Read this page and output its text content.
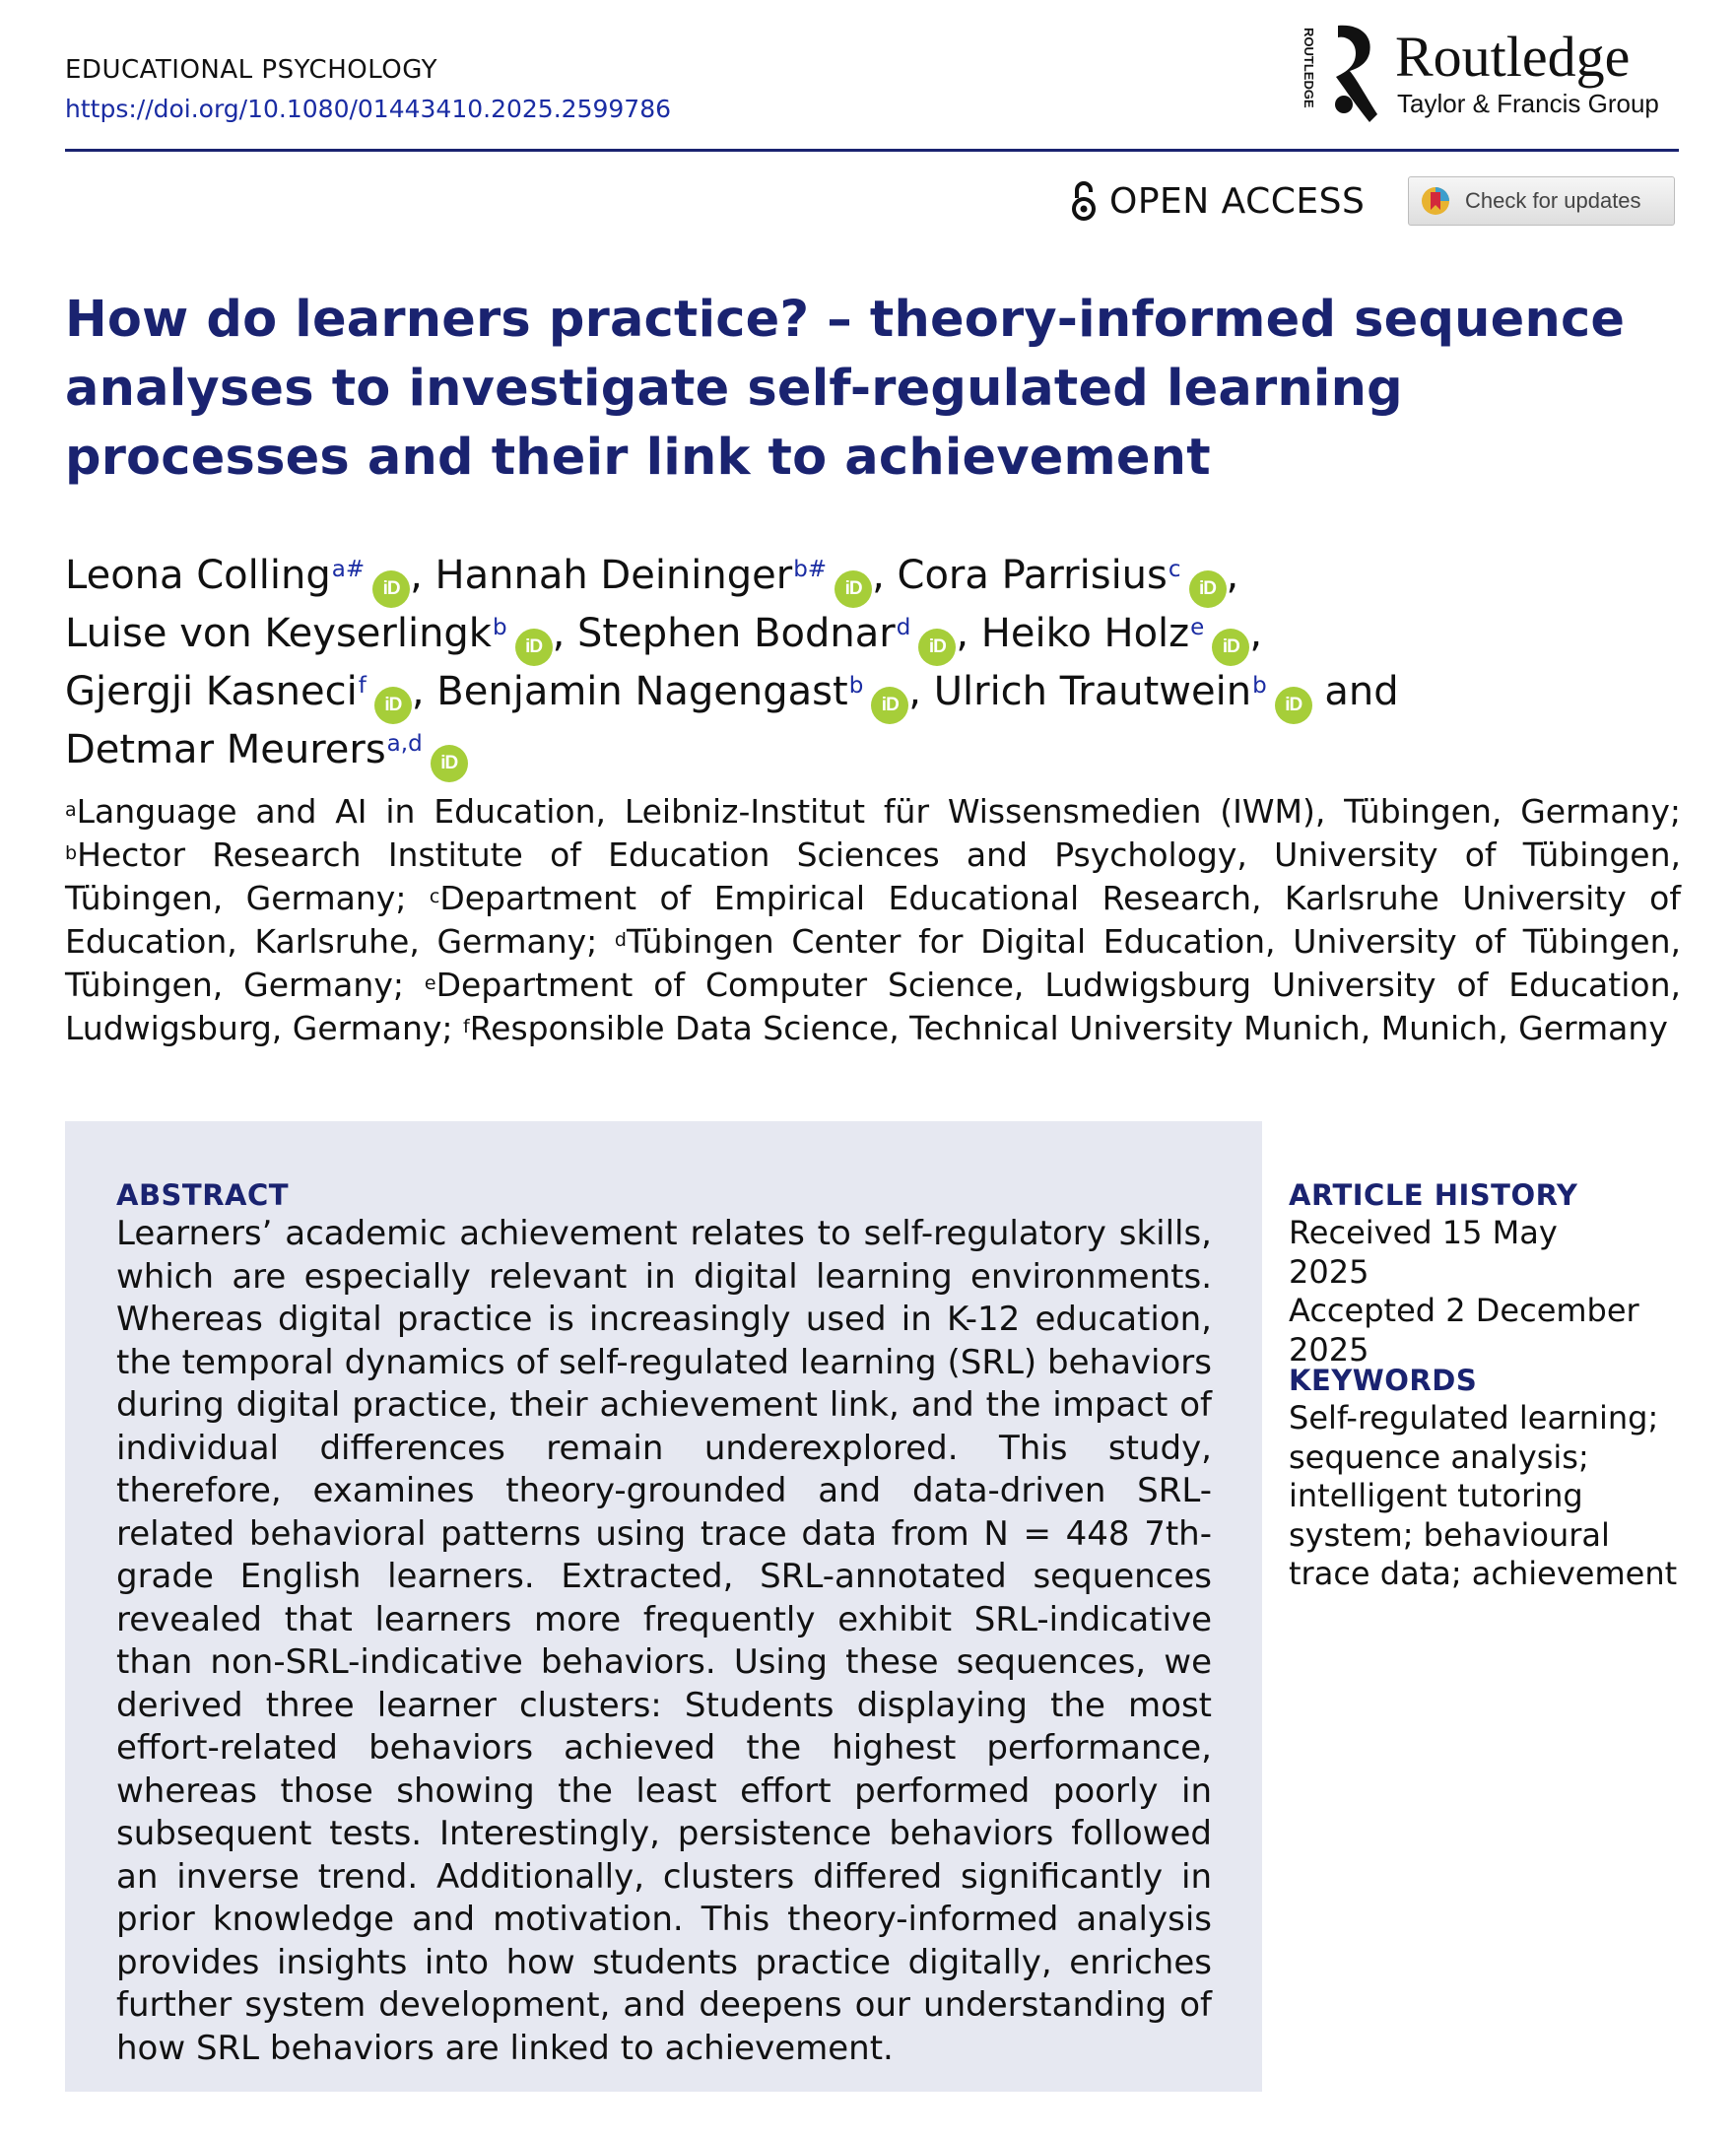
EDUCATIONAL PSYCHOLOGY
https://doi.org/10.1080/01443410.2025.2599786
ROUTLEDGE Routledge
Taylor & Francis Group
OPEN ACCESS	Check for updates
How do learners practice? – theory-informed sequence analyses to investigate self-regulated learning processes and their link to achievement
Leona Colling$^{a\#}$iD , Hannah Deininger$^{b\#}$iD , Cora Parrisius$^c$iD ,
Luise von Keyserlingk$^b$iD , Stephen Bodnar$^d$iD , Heiko Holz$^e$iD ,
Gjergji Kasneci$^f$iD , Benjamin Nagengast$^b$iD , Ulrich Trautwein$^b$iD and
Detmar Meurers$^{a,d}$iD

$^a$Language and AI in Education, Leibniz-Institut für Wissensmedien (IWM), Tübingen, Germany; $^b$Hector Research Institute of Education Sciences and Psychology, University of Tübingen, Tübingen, Germany; $^c$Department of Empirical Educational Research, Karlsruhe University of Education, Karlsruhe, Germany; $^d$Tübingen Center for Digital Education, University of Tübingen, Tübingen, Germany; $^e$Department of Computer Science, Ludwigsburg University of Education, Ludwigsburg, Germany; $^f$Responsible Data Science, Technical University Munich, Munich, Germany

ABSTRACT

Learners’ academic achievement relates to self-regulatory skills, which are especially relevant in digital learning environments. Whereas digital practice is increasingly used in K-12 education, the temporal dynamics of self-regulated learning (SRL) behaviors during digital practice, their achievement link, and the impact of individual differences remain underexplored. This study, therefore, examines theory-grounded and data-driven SRL-related behavioral patterns using trace data from N = 448 7th-grade English learners. Extracted, SRL-annotated sequences revealed that learners more frequently exhibit SRL-indicative than non-SRL-indicative behaviors. Using these sequences, we derived three learner clusters: Students displaying the most effort-related behaviors achieved the highest performance, whereas those showing the least effort performed poorly in subsequent tests. Interestingly, persistence behaviors followed an inverse trend. Additionally, clusters differed significantly in prior knowledge and motivation. This theory-informed analysis provides insights into how students practice digitally, enriches further system development, and deepens our understanding of how SRL behaviors are linked to achievement.

ARTICLE HISTORY

Received 15 May 2025
Accepted 2 December 2025

KEYWORDS

Self-regulated learning; sequence analysis; intelligent tutoring system; behavioural trace data; achievement
